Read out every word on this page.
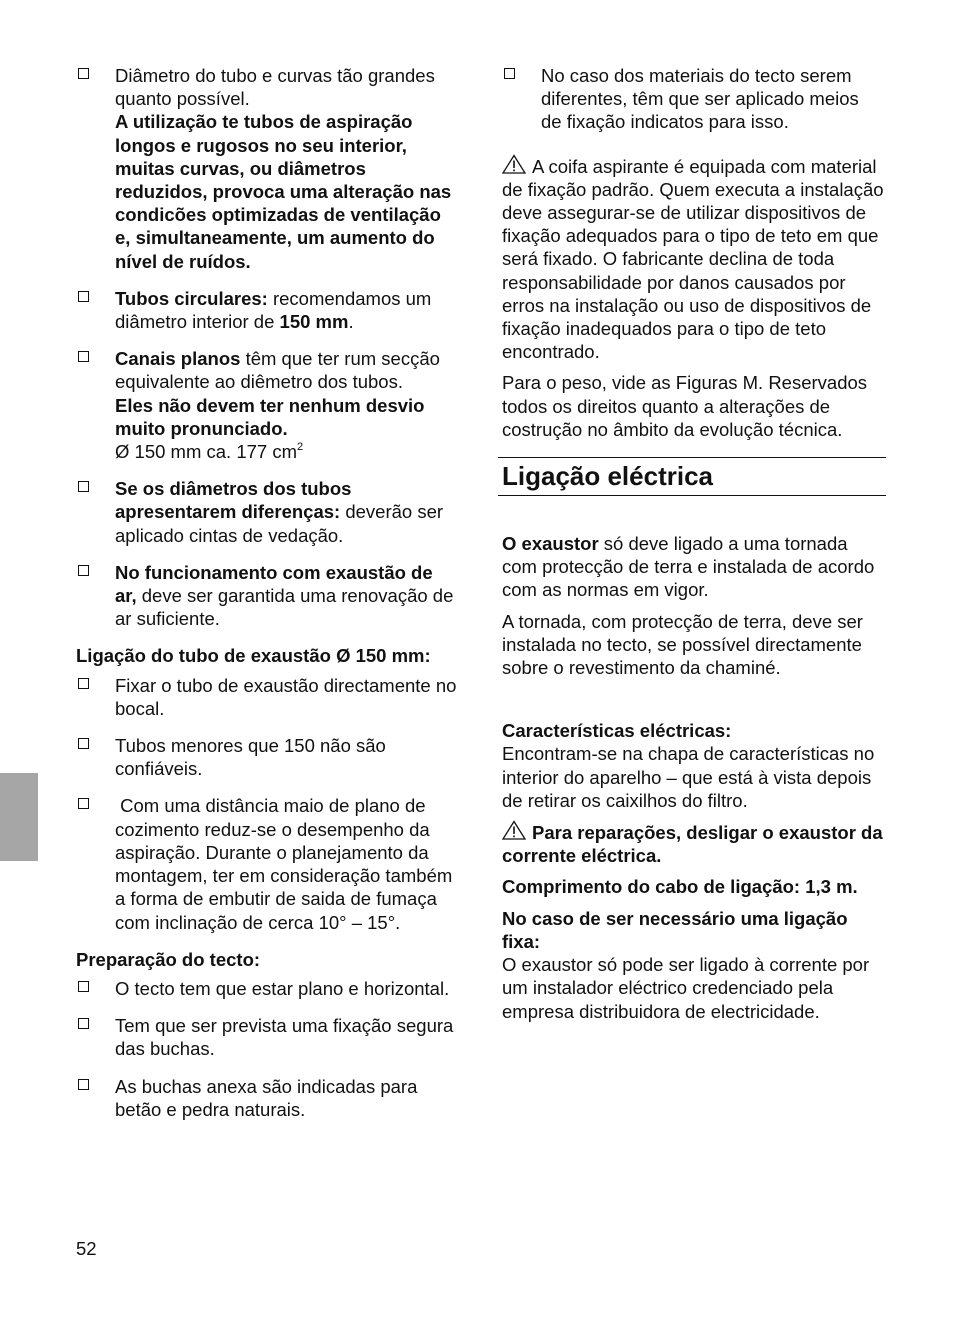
Diâmetro do tubo e curvas tão grandes quanto possível.
A utilização te tubos de aspiração longos e rugosos no seu interior, muitas curvas, ou diâmetros reduzidos, provoca uma alteração nas condicões optimizadas de ventilação e, simultaneamente, um aumento do nível de ruídos.
Tubos circulares: recomendamos um diâmetro interior de 150 mm.
Canais planos têm que ter rum secção equivalente ao diêmetro dos tubos.
Eles não devem ter nenhum desvio muito pronunciado.
Ø 150 mm ca. 177 $cm^2$
Se os diâmetros dos tubos apresentarem diferenças: deverão ser aplicado cintas de vedação.
No funcionamento com exaustão de ar, deve ser garantida uma renovação de ar suficiente.
Ligação do tubo de exaustão Ø 150 mm:
Fixar o tubo de exaustão directamente no bocal.
Tubos menores que 150 não são confiáveis.
Com uma distância maio de plano de cozimento reduz-se o desempenho da aspiração. Durante o planejamento da montagem, ter em consideração também a forma de embutir de saida de fumaça com inclinação de cerca 10° – 15°.
Preparação do tecto:
O tecto tem que estar plano e horizontal.
Tem que ser prevista uma fixação segura das buchas.
As buchas anexa são indicadas para betão e pedra naturais.
No caso dos materiais do tecto serem diferentes, têm que ser aplicado meios de fixação indicatos para isso.
A coifa aspirante é equipada com material de fixação padrão. Quem executa a instalação deve assegurar-se de utilizar dispositivos de fixação adequados para o tipo de teto em que será fixado. O fabricante declina de toda responsabilidade por danos causados por erros na instalação ou uso de dispositivos de fixação inadequados para o tipo de teto encontrado.
Para o peso, vide as Figuras M. Reservados todos os direitos quanto a alterações de costrução no âmbito da evolução técnica.
Ligação eléctrica
O exaustor só deve ligado a uma tornada com protecção de terra e instalada de acordo com as normas em vigor.
A tornada, com protecção de terra, deve ser instalada no tecto, se possível directamente sobre o revestimento da chaminé.
Características eléctricas:
Encontram-se na chapa de características no interior do aparelho – que está à vista depois de retirar os caixilhos do filtro.
Para reparações, desligar o exaustor da corrente eléctrica.
Comprimento do cabo de ligação: 1,3 m.
No caso de ser necessário uma ligação fixa:
O exaustor só pode ser ligado à corrente por um instalador eléctrico credenciado pela empresa distribuidora de electricidade.
52
